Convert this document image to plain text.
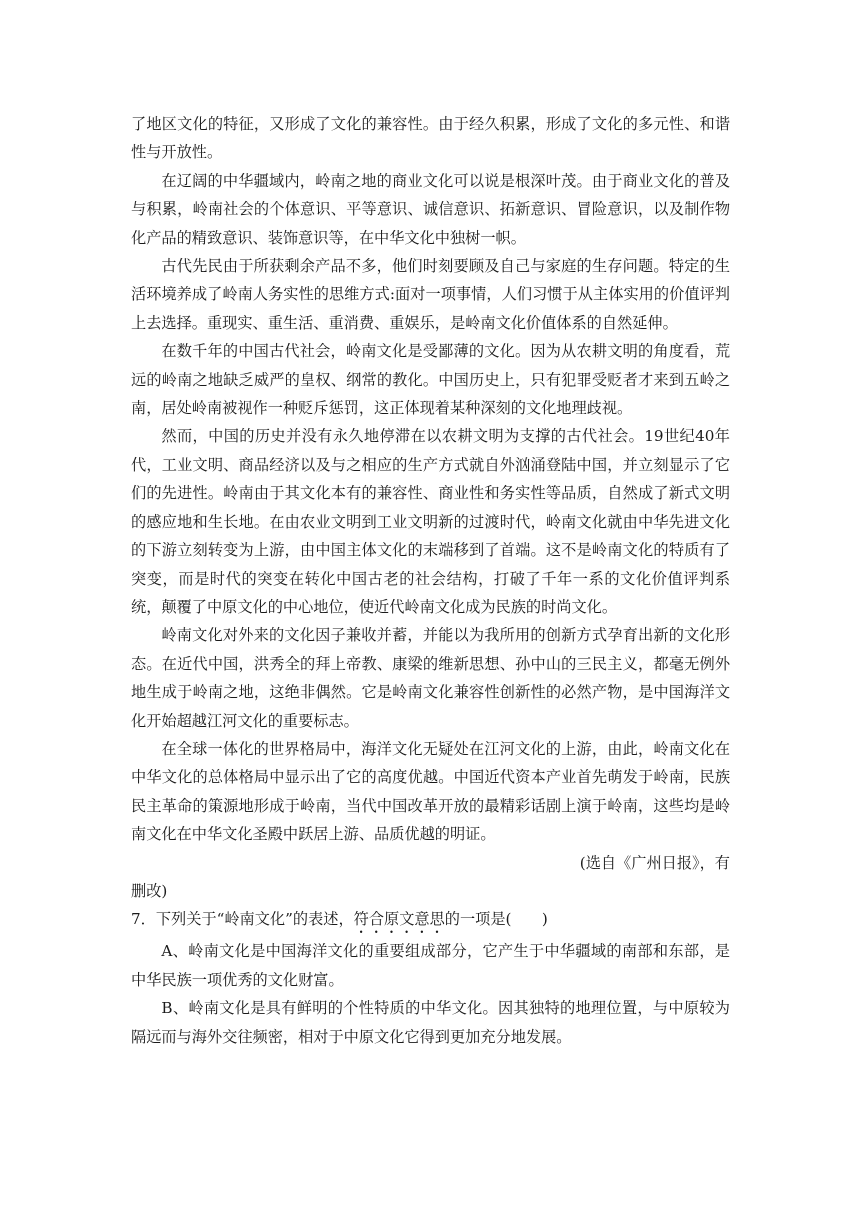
了地区文化的特征，又形成了文化的兼容性。由于经久积累，形成了文化的多元性、和谐性与开放性。

在辽阔的中华疆域内，岭南之地的商业文化可以说是根深叶茂。由于商业文化的普及与积累，岭南社会的个体意识、平等意识、诚信意识、拓新意识、冒险意识，以及制作物化产品的精致意识、装饰意识等，在中华文化中独树一帜。

古代先民由于所获剩余产品不多，他们时刻要顾及自己与家庭的生存问题。特定的生活环境养成了岭南人务实性的思维方式:面对一项事情，人们习惯于从主体实用的价值评判上去选择。重现实、重生活、重消费、重娱乐，是岭南文化价值体系的自然延伸。

在数千年的中国古代社会，岭南文化是受鄙薄的文化。因为从农耕文明的角度看，荒远的岭南之地缺乏威严的皇权、纲常的教化。中国历史上，只有犯罪受贬者才来到五岭之南，居处岭南被视作一种贬斥惩罚，这正体现着某种深刻的文化地理歧视。

然而，中国的历史并没有永久地停滞在以农耕文明为支撑的古代社会。19世纪40年代，工业文明、商品经济以及与之相应的生产方式就自外汹涌登陆中国，并立刻显示了它们的先进性。岭南由于其文化本有的兼容性、商业性和务实性等品质，自然成了新式文明的感应地和生长地。在由农业文明到工业文明新的过渡时代，岭南文化就由中华先进文化的下游立刻转变为上游，由中国主体文化的末端移到了首端。这不是岭南文化的特质有了突变，而是时代的突变在转化中国古老的社会结构，打破了千年一系的文化价值评判系统，颠覆了中原文化的中心地位，使近代岭南文化成为民族的时尚文化。

岭南文化对外来的文化因子兼收并蓄，并能以为我所用的创新方式孕育出新的文化形态。在近代中国，洪秀全的拜上帝教、康梁的维新思想、孙中山的三民主义，都毫无例外地生成于岭南之地，这绝非偶然。它是岭南文化兼容性创新性的必然产物，是中国海洋文化开始超越江河文化的重要标志。

在全球一体化的世界格局中，海洋文化无疑处在江河文化的上游，由此，岭南文化在中华文化的总体格局中显示出了它的高度优越。中国近代资本产业首先萌发于岭南，民族民主革命的策源地形成于岭南，当代中国改革开放的最精彩话剧上演于岭南，这些均是岭南文化在中华文化圣殿中跃居上游、品质优越的明证。

(选自《广州日报》，有

删改)

7．下列关于“岭南文化”的表述，符合原文意思的一项是(　　)

A、岭南文化是中国海洋文化的重要组成部分，它产生于中华疆域的南部和东部，是中华民族一项优秀的文化财富。

B、岭南文化是具有鲜明的个性特质的中华文化。因其独特的地理位置，与中原较为隔远而与海外交往频密，相对于中原文化它得到更加充分地发展。
